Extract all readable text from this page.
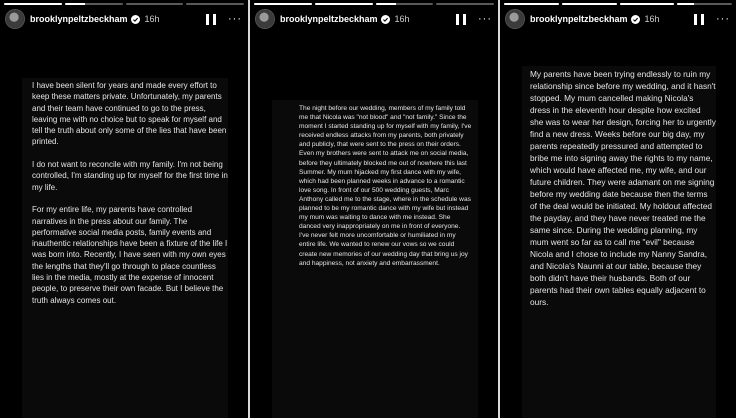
brooklynpeltzbeckham 16h	···

I have been silent for years and made every effort to keep these matters private. Unfortunately, my parents and their team have continued to go to the press, leaving me with no choice but to speak for myself and tell the truth about only some of the lies that have been printed.

I do not want to reconcile with my family. I'm not being controlled, I'm standing up for myself for the first time in my life.

For my entire life, my parents have controlled narratives in the press about our family. The performative social media posts, family events and inauthentic relationships have been a fixture of the life I was born into. Recently, I have seen with my own eyes the lengths that they'll go through to place countless lies in the media, mostly at the expense of innocent people, to preserve their own facade. But I believe the truth always comes out.

brooklynpeltzbeckham 16h	···

The night before our wedding, members of my family told me that Nicola was "not blood" and "not family." Since the moment I started standing up for myself with my family, I've received endless attacks from my parents, both privately and publicly, that were sent to the press on their orders. Even my brothers were sent to attack me on social media, before they ultimately blocked me out of nowhere this last Summer. My mum hijacked my first dance with my wife, which had been planned weeks in advance to a romantic love song. In front of our 500 wedding guests, Marc Anthony called me to the stage, where in the schedule was planned to be my romantic dance with my wife but instead my mum was waiting to dance with me instead. She danced very inappropriately on me in front of everyone. I've never felt more uncomfortable or humiliated in my entire life. We wanted to renew our vows so we could create new memories of our wedding day that bring us joy and happiness, not anxiety and embarrassment.

brooklynpeltzbeckham 16h	···

My parents have been trying endlessly to ruin my relationship since before my wedding, and it hasn't stopped. My mum cancelled making Nicola's dress in the eleventh hour despite how excited she was to wear her design, forcing her to urgently find a new dress. Weeks before our big day, my parents repeatedly pressured and attempted to bribe me into signing away the rights to my name, which would have affected me, my wife, and our future children. They were adamant on me signing before my wedding date because then the terms of the deal would be initiated. My holdout affected the payday, and they have never treated me the same since. During the wedding planning, my mum went so far as to call me "evil" because Nicola and I chose to include my Nanny Sandra, and Nicola's Naunni at our table, because they both didn't have their husbands. Both of our parents had their own tables equally adjacent to ours.
